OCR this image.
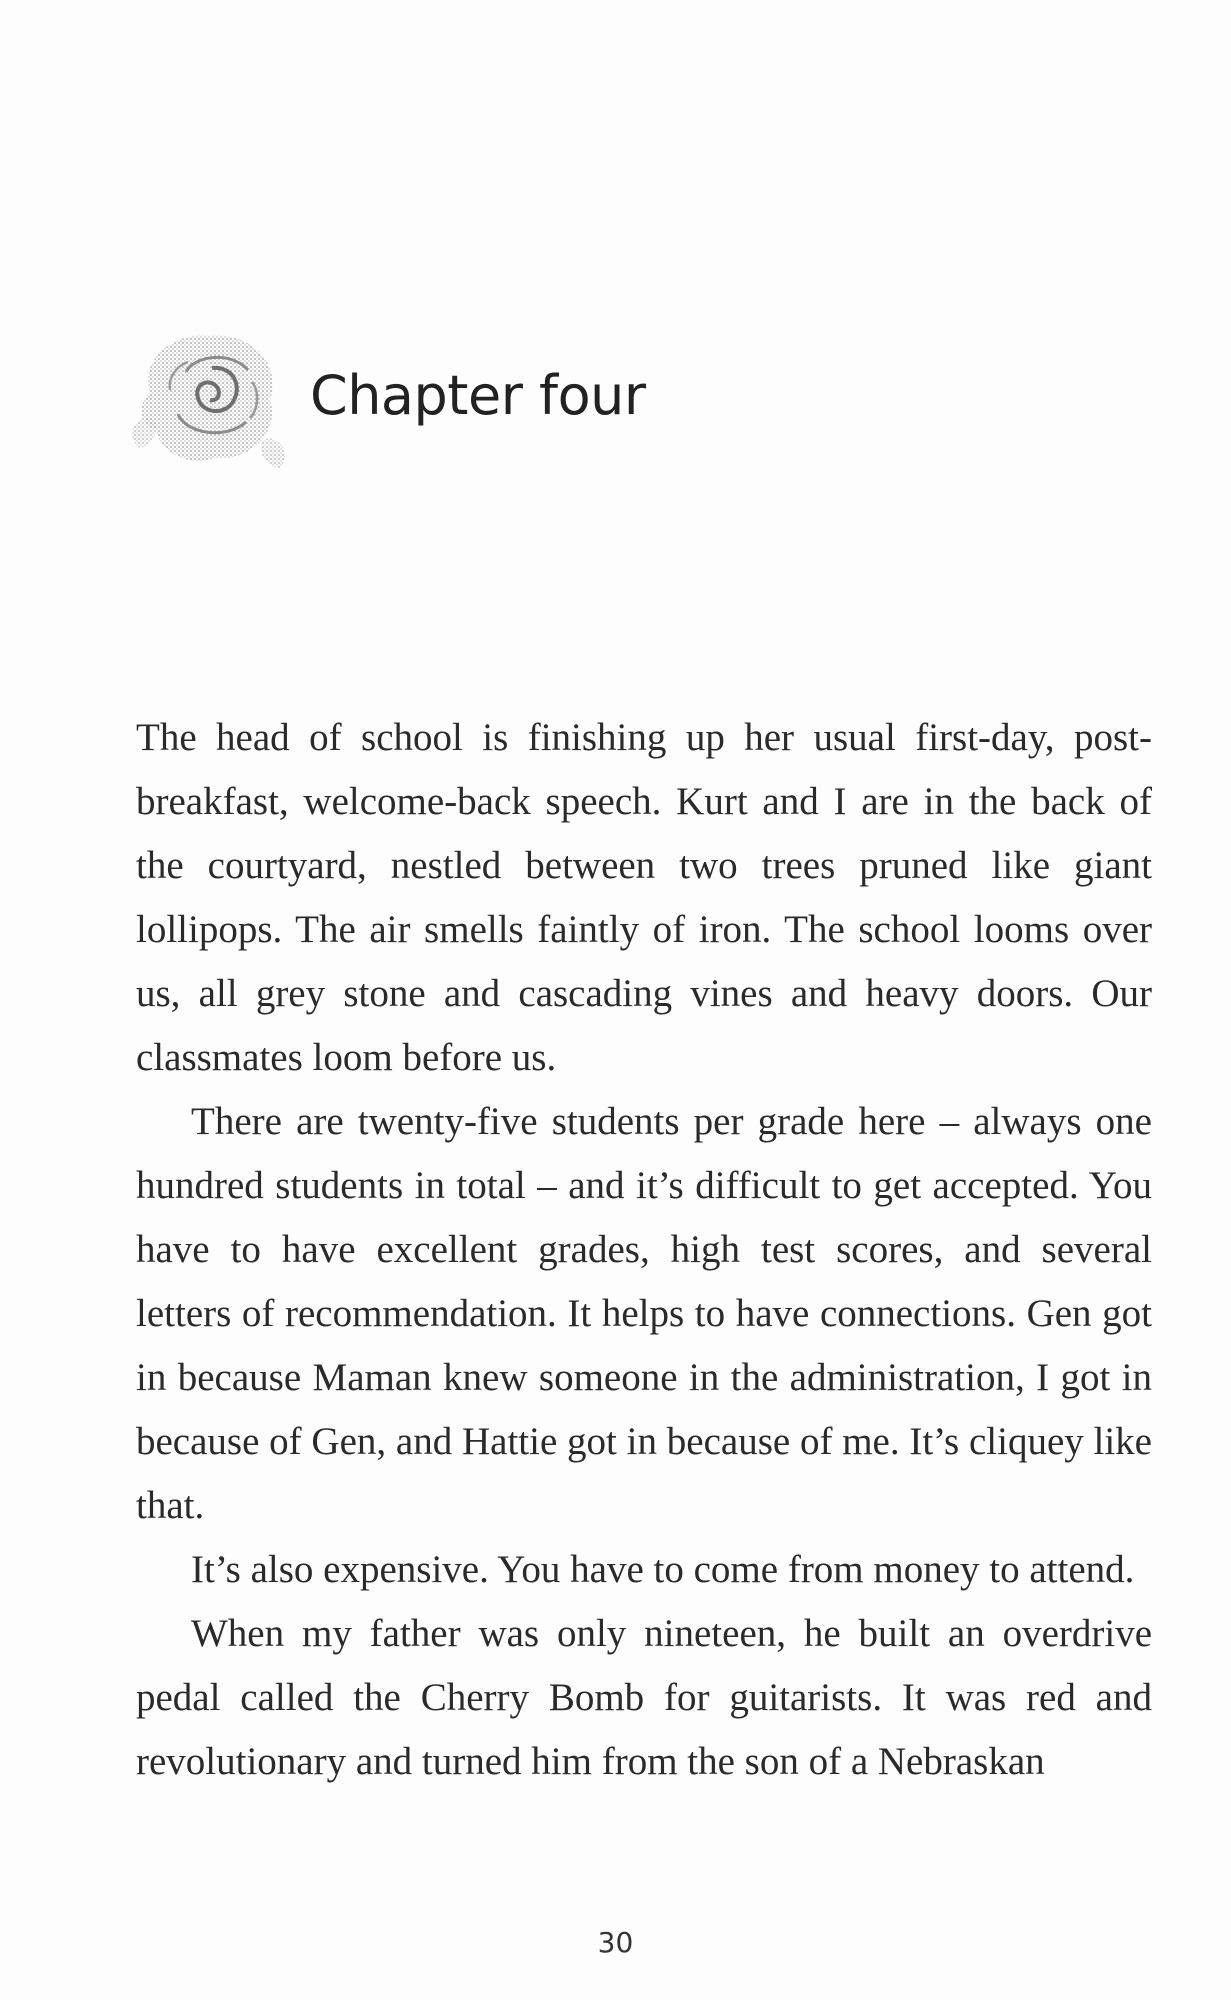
Chapter four

The head of school is finishing up her usual first-day, post-breakfast, welcome-back speech. Kurt and I are in the back of the courtyard, nestled between two trees pruned like giant lollipops. The air smells faintly of iron. The school looms over us, all grey stone and cascading vines and heavy doors. Our classmates loom before us.

There are twenty-five students per grade here – always one hundred students in total – and it’s difficult to get accepted. You have to have excellent grades, high test scores, and several letters of recommendation. It helps to have connections. Gen got in because Maman knew someone in the administration, I got in because of Gen, and Hattie got in because of me. It’s cliquey like that.

It’s also expensive. You have to come from money to attend.

When my father was only nineteen, he built an overdrive pedal called the Cherry Bomb for guitarists. It was red and revolutionary and turned him from the son of a Nebraskan

30
